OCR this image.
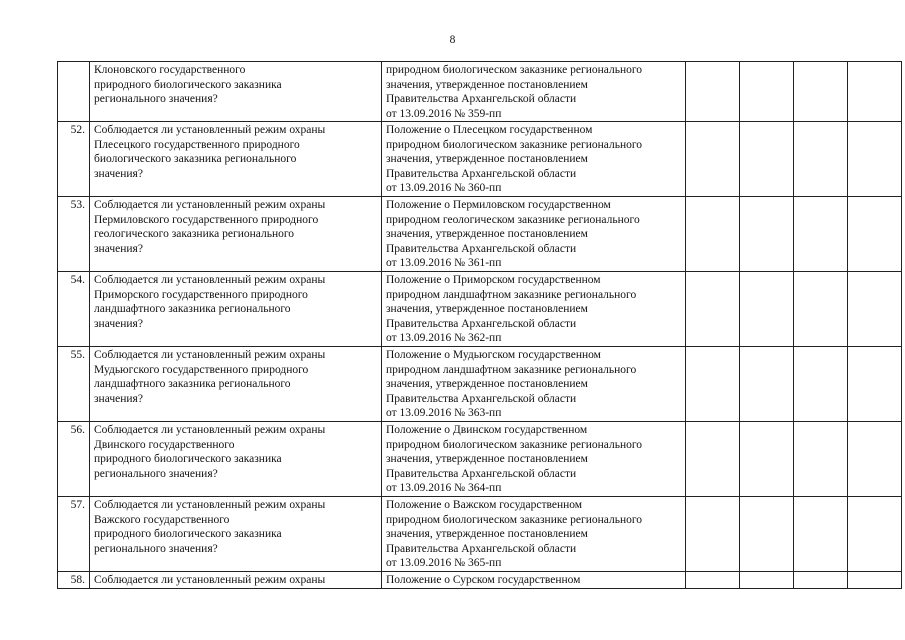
8

	Клоновского государственного
природного биологического заказника
регионального значения?	природном биологическом заказнике регионального
значения, утвержденное постановлением
Правительства Архангельской области
от 13.09.2016 № 359-пп				

52.	Соблюдается ли установленный режим охраны
Плесецкого государственного природного
биологического заказника регионального
значения?	Положение о Плесецком государственном
природном биологическом заказнике регионального
значения, утвержденное постановлением
Правительства Архангельской области
от 13.09.2016 № 360-пп				

53.	Соблюдается ли установленный режим охраны
Пермиловского государственного природного
геологического заказника регионального
значения?	Положение о Пермиловском государственном
природном геологическом заказнике регионального
значения, утвержденное постановлением
Правительства Архангельской области
от 13.09.2016 № 361-пп				

54.	Соблюдается ли установленный режим охраны
Приморского государственного природного
ландшафтного заказника регионального
значения?	Положение о Приморском государственном
природном ландшафтном заказнике регионального
значения, утвержденное постановлением
Правительства Архангельской области
от 13.09.2016 № 362-пп				

55.	Соблюдается ли установленный режим охраны
Мудьюгского государственного природного
ландшафтного заказника регионального
значения?	Положение о Мудьюгском государственном
природном ландшафтном заказнике регионального
значения, утвержденное постановлением
Правительства Архангельской области
от 13.09.2016 № 363-пп				

56.	Соблюдается ли установленный режим охраны
Двинского государственного
природного биологического заказника
регионального значения?	Положение о Двинском государственном
природном биологическом заказнике регионального
значения, утвержденное постановлением
Правительства Архангельской области
от 13.09.2016 № 364-пп				

57.	Соблюдается ли установленный режим охраны
Важского государственного
природного биологического заказника
регионального значения?	Положение о Важском государственном
природном биологическом заказнике регионального
значения, утвержденное постановлением
Правительства Архангельской области
от 13.09.2016 № 365-пп				

58.	Соблюдается ли установленный режим охраны	Положение о Сурском государственном				
